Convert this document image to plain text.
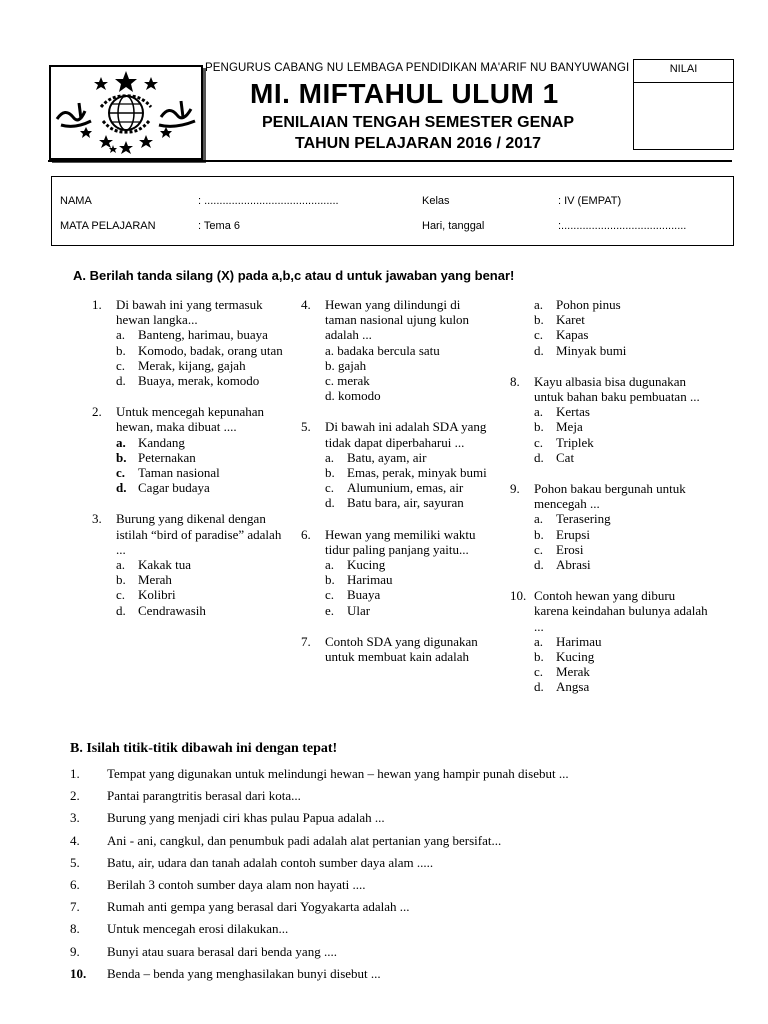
PENGURUS CABANG NU LEMBAGA PENDIDIKAN MA'ARIF NU BANYUWANGI
MI. MIFTAHUL ULUM 1
PENILAIAN TENGAH SEMESTER GENAP
TAHUN PELAJARAN 2016 / 2017
NILAI
NAMA	: ............................................	Kelas	: IV (EMPAT)
MATA PELAJARAN	: Tema 6	Hari, tanggal	:.........................................
A. Berilah tanda silang (X) pada a,b,c atau d untuk jawaban yang benar!
1.	Di bawah ini yang termasuk hewan langka...
a. Banteng, harimau, buaya
b. Komodo, badak, orang utan
c. Merak, kijang, gajah
d. Buaya, merak, komodo
2.	Untuk mencegah kepunahan hewan, maka dibuat ....
a. Kandang
b. Peternakan
c. Taman nasional
d. Cagar budaya
3.	Burung yang dikenal dengan istilah “bird of paradise” adalah ...
a. Kakak tua
b. Merah
c. Kolibri
d. Cendrawasih
4.	Hewan yang dilindungi di taman nasional ujung kulon adalah ...
a. badaka bercula satu
b. gajah
c. merak
d. komodo
5.	Di bawah ini adalah SDA yang tidak dapat diperbaharui ...
a. Batu, ayam, air
b. Emas, perak, minyak bumi
c. Alumunium, emas, air
d. Batu bara, air, sayuran
6.	Hewan yang memiliki waktu tidur paling panjang yaitu...
a. Kucing
b. Harimau
c. Buaya
e. Ular
7.	Contoh SDA yang digunakan untuk membuat kain adalah
a. Pohon pinus
b. Karet
c. Kapas
d. Minyak bumi
8.	Kayu albasia bisa dugunakan untuk bahan baku pembuatan ...
a. Kertas
b. Meja
c. Triplek
d. Cat
9.	Pohon bakau bergunah untuk mencegah ...
a. Terasering
b. Erupsi
c. Erosi
d. Abrasi
10. Contoh hewan yang diburu karena keindahan bulunya adalah ...
a. Harimau
b. Kucing
c. Merak
d. Angsa
B. Isilah titik-titik dibawah ini dengan tepat!
1.	Tempat yang digunakan untuk melindungi hewan – hewan yang hampir punah disebut ...
2.	Pantai parangtritis berasal dari kota...
3.	Burung yang menjadi ciri khas pulau Papua adalah ...
4.	Ani - ani, cangkul, dan penumbuk padi adalah alat pertanian yang bersifat...
5.	Batu, air, udara dan tanah adalah contoh sumber daya alam .....
6.	Berilah 3 contoh sumber daya alam non hayati ....
7.	Rumah anti gempa yang berasal dari Yogyakarta adalah ...
8.	Untuk mencegah erosi dilakukan...
9.	Bunyi atau suara berasal dari benda yang ....
10.	Benda – benda yang menghasilakan bunyi disebut ...
